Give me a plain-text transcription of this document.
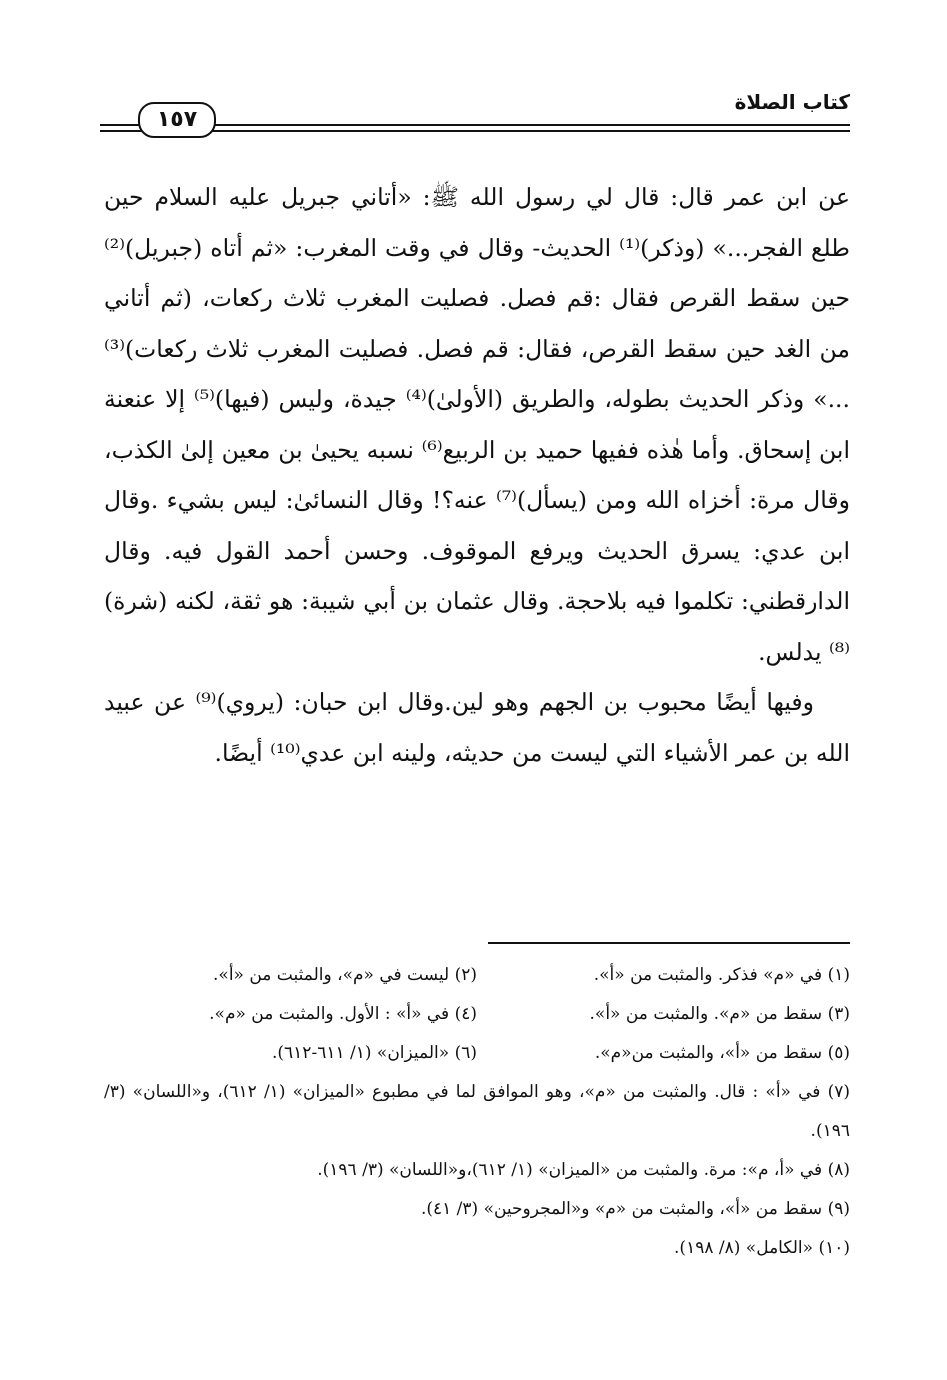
كتاب الصلاة
١٥٧

عن ابن عمر قال: قال لي رسول الله ﷺ: «أتاني جبريل عليه السلام حين طلع الفجر...» (وذكر)⁽¹⁾ الحديث- وقال في وقت المغرب: «ثم أتاه (جبريل)⁽²⁾ حين سقط القرص فقال :قم فصل. فصليت المغرب ثلاث ركعات، (ثم أتاني من الغد حين سقط القرص، فقال: قم فصل. فصليت المغرب ثلاث ركعات)⁽³⁾ ...» وذكر الحديث بطوله، والطريق (الأولىٰ)⁽⁴⁾ جيدة، وليس (فيها)⁽⁵⁾ إلا عنعنة ابن إسحاق. وأما هٰذه ففيها حميد بن الربيع⁽⁶⁾ نسبه يحيىٰ بن معين إلىٰ الكذب، وقال مرة: أخزاه الله ومن (يسأل)⁽⁷⁾ عنه؟! وقال النسائىٰ: ليس بشيء .وقال ابن عدي: يسرق الحديث ويرفع الموقوف. وحسن أحمد القول فيه. وقال الدارقطني: تكلموا فيه بلاحجة. وقال عثمان بن أبي شيبة: هو ثقة، لكنه (شرة)⁽⁸⁾ يدلس.

وفيها أيضًا محبوب بن الجهم وهو لين.وقال ابن حبان: (يروي)⁽⁹⁾ عن عبيد الله بن عمر الأشياء التي ليست من حديثه، ولينه ابن عدي⁽¹⁰⁾ أيضًا.

(١) في «م» فذكر. والمثبت من «أ».
(٢) ليست في «م»، والمثبت من «أ».
(٣) سقط من «م». والمثبت من «أ».
(٤) في «أ» : الأول. والمثبت من «م».
(٥) سقط من «أ»، والمثبت من«م».
(٦) «الميزان» (١/ ٦١١-٦١٢).
(٧) في «أ» : قال. والمثبت من «م»، وهو الموافق لما في مطبوع «الميزان» (١/ ٦١٢)، و«اللسان» (٣/ ١٩٦).
(٨) في «أ، م»: مرة. والمثبت من «الميزان» (١/ ٦١٢)،و«اللسان» (٣/ ١٩٦).
(٩) سقط من «أ»، والمثبت من «م» و«المجروحين» (٣/ ٤١).
(١٠) «الكامل» (٨/ ١٩٨).
